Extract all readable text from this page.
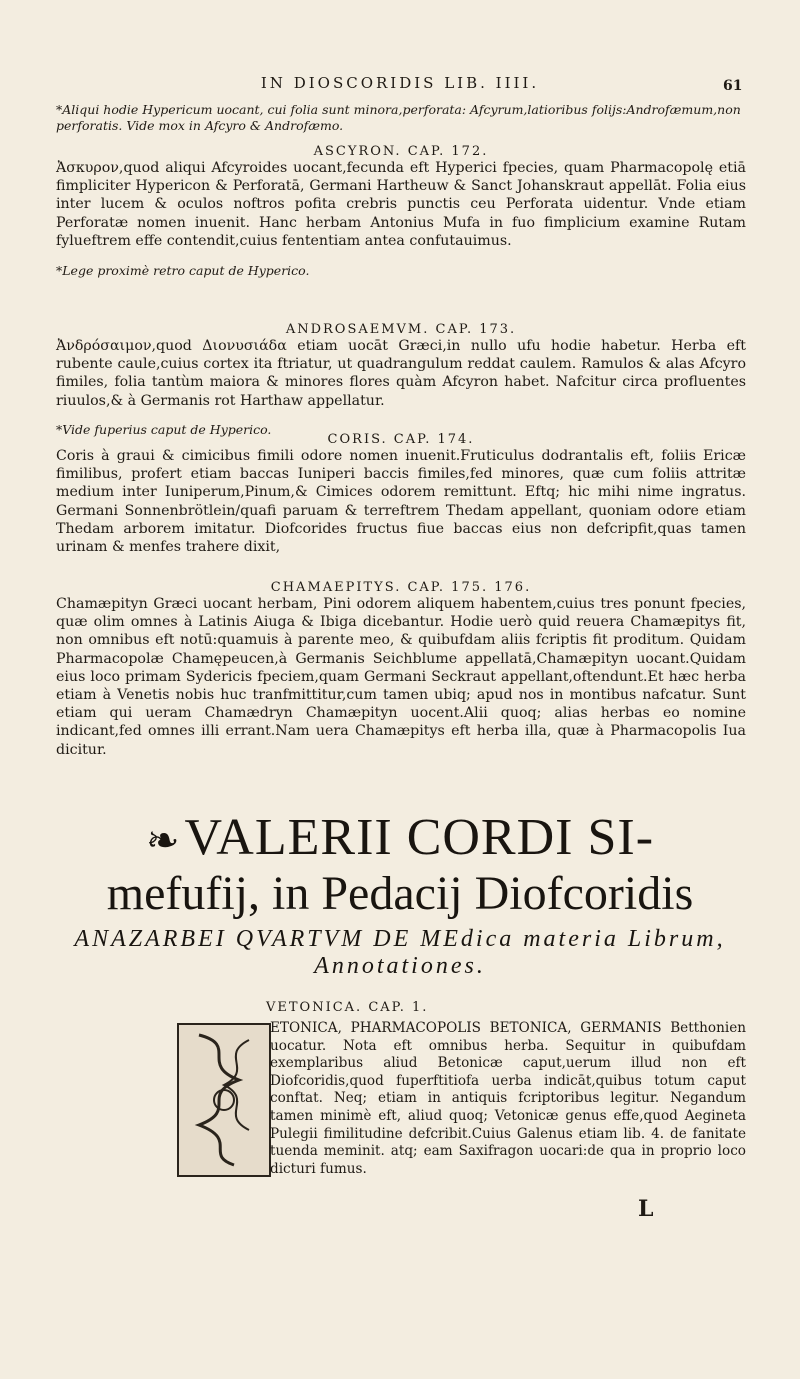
IN DIOSCORIDIS LIB. IIII.	61
*Aliqui hodie Hypericum uocant, cui folia sunt minora,perforata: Afcyrum,latioribus folijs:Androfæmum,non
perforatis. Vide mox in Afcyro & Androfæmo.

ASCYRON. CAP. 172.

Ἀσκυρον,quod aliqui Afcyroides uocant,fecunda eft Hyperici fpecies, quam Pharmacopolę etiā fimpliciter Hypericon & Perforatā, Germani Hartheuw & Sanct Johanskraut appellāt. Folia eius inter lucem & oculos noftros pofita crebris punctis ceu Perforata uidentur. Vnde etiam Perforatæ nomen inuenit. Hanc herbam Antonius Mufa in fuo fimplicium examine Rutam fylueftrem effe contendit,cuius fententiam antea confutauimus.

*Lege proximè retro caput de Hyperico.

ANDROSAEMVM. CAP. 173.

Ἀνδρόσαιμον,quod Διονυσιάδα etiam uocāt Græci,in nullo ufu hodie habetur. Herba eft rubente caule,cuius cortex ita ftriatur, ut quadrangulum reddat caulem. Ramulos & alas Afcyro fimiles, folia tantùm maiora & minores flores quàm Afcyron habet. Nafcitur circa profluentes riuulos,& à Germanis rot Harthaw appellatur.

*Vide fuperius caput de Hyperico.

CORIS. CAP. 174.

Coris à graui & cimicibus fimili odore nomen inuenit.Fruticulus dodrantalis eft, foliis Ericæ fimilibus, profert etiam baccas Iuniperi baccis fimiles,fed minores, quæ cum foliis attritæ medium inter Iuniperum,Pinum,& Cimices odorem remittunt. Eftq; hic mihi nime ingratus. Germani Sonnenbrötlein/quafi paruam & terreftrem Thedam appellant, quoniam odore etiam Thedam arborem imitatur. Diofcorides fructus fiue baccas eius non defcripfit,quas tamen urinam & menfes trahere dixit,

CHAMAEPITYS. CAP. 175. 176.

Chamæpityn Græci uocant herbam, Pini odorem aliquem habentem,cuius tres ponunt fpecies, quæ olim omnes à Latinis Aiuga & Ibiga dicebantur. Hodie uerò quid reuera Chamæpitys fit, non omnibus eft notū:quamuis à parente meo, & quibufdam aliis fcriptis fit proditum. Quidam Pharmacopolæ Chamępeucen,à Germanis Seichblume appellatā,Chamæpityn uocant.Quidam eius loco primam Sydericis fpeciem,quam Germani Seckraut appellant,oftendunt.Et hæc herba etiam à Venetis nobis huc tranfmittitur,cum tamen ubiq; apud nos in montibus nafcatur. Sunt etiam qui ueram Chamædryn Chamæpityn uocent.Alii quoq; alias herbas eo nomine indicant,fed omnes illi errant.Nam uera Chamæpitys eft herba illa, quæ à Pharmacopolis Iua dicitur.

❧VALERII CORDI SI-
mefufij, in Pedacij Diofcoridis
ANAZARBEI QVARTVM DE MEdica materia Librum, Annotationes.

VETONICA. CAP. 1.

ETONICA, PHARMACOPOLIS BETONICA, GERMANIS Betthonien uocatur. Nota eft omnibus herba. Sequitur in quibufdam exemplaribus aliud Betonicæ caput,uerum illud non eft Diofcoridis,quod fuperftitiofa uerba indicāt,quibus totum caput conftat. Neq; etiam in antiquis fcriptoribus legitur. Negandum tamen minimè eft, aliud quoq; Vetonicæ genus effe,quod Aegineta Pulegii fimilitudine defcribit.Cuius Galenus etiam lib. 4. de fanitate tuenda meminit. atq; eam Saxifragon uocari:de qua in proprio loco dicturi fumus.

L
